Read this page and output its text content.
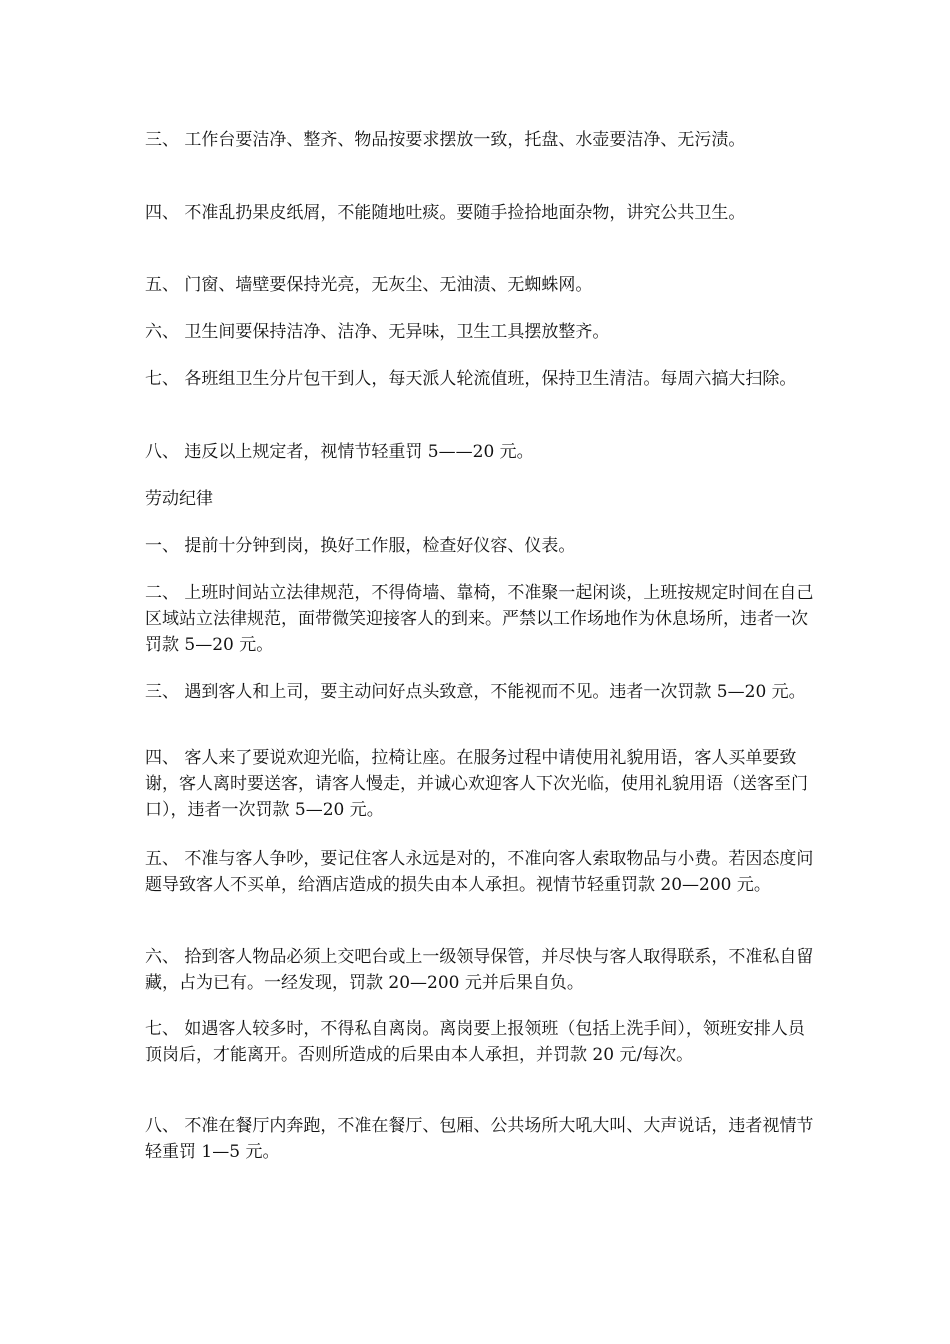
三、 工作台要洁净、整齐、物品按要求摆放一致，托盘、水壶要洁净、无污渍。
四、 不准乱扔果皮纸屑，不能随地吐痰。要随手捡拾地面杂物，讲究公共卫生。
五、 门窗、墙壁要保持光亮，无灰尘、无油渍、无蜘蛛网。
六、 卫生间要保持洁净、洁净、无异味，卫生工具摆放整齐。
七、 各班组卫生分片包干到人，每天派人轮流值班，保持卫生清洁。每周六搞大扫除。
八、 违反以上规定者，视情节轻重罚 5——20 元。
劳动纪律
一、 提前十分钟到岗，换好工作服，检查好仪容、仪表。
二、 上班时间站立法律规范，不得倚墙、靠椅，不准聚一起闲谈，上班按规定时间在自己区域站立法律规范，面带微笑迎接客人的到来。严禁以工作场地作为休息场所，违者一次罚款 5—20 元。
三、 遇到客人和上司，要主动问好点头致意，不能视而不见。违者一次罚款 5—20 元。
四、 客人来了要说欢迎光临，拉椅让座。在服务过程中请使用礼貌用语，客人买单要致谢，客人离时要送客，请客人慢走，并诚心欢迎客人下次光临，使用礼貌用语（送客至门口），违者一次罚款 5—20 元。
五、 不准与客人争吵，要记住客人永远是对的，不准向客人索取物品与小费。若因态度问题导致客人不买单，给酒店造成的损失由本人承担。视情节轻重罚款 20—200 元。
六、 拾到客人物品必须上交吧台或上一级领导保管，并尽快与客人取得联系，不准私自留藏，占为已有。一经发现，罚款 20—200 元并后果自负。
七、 如遇客人较多时，不得私自离岗。离岗要上报领班（包括上洗手间），领班安排人员顶岗后，才能离开。否则所造成的后果由本人承担，并罚款 20 元/每次。
八、 不准在餐厅内奔跑，不准在餐厅、包厢、公共场所大吼大叫、大声说话，违者视情节轻重罚 1—5 元。
